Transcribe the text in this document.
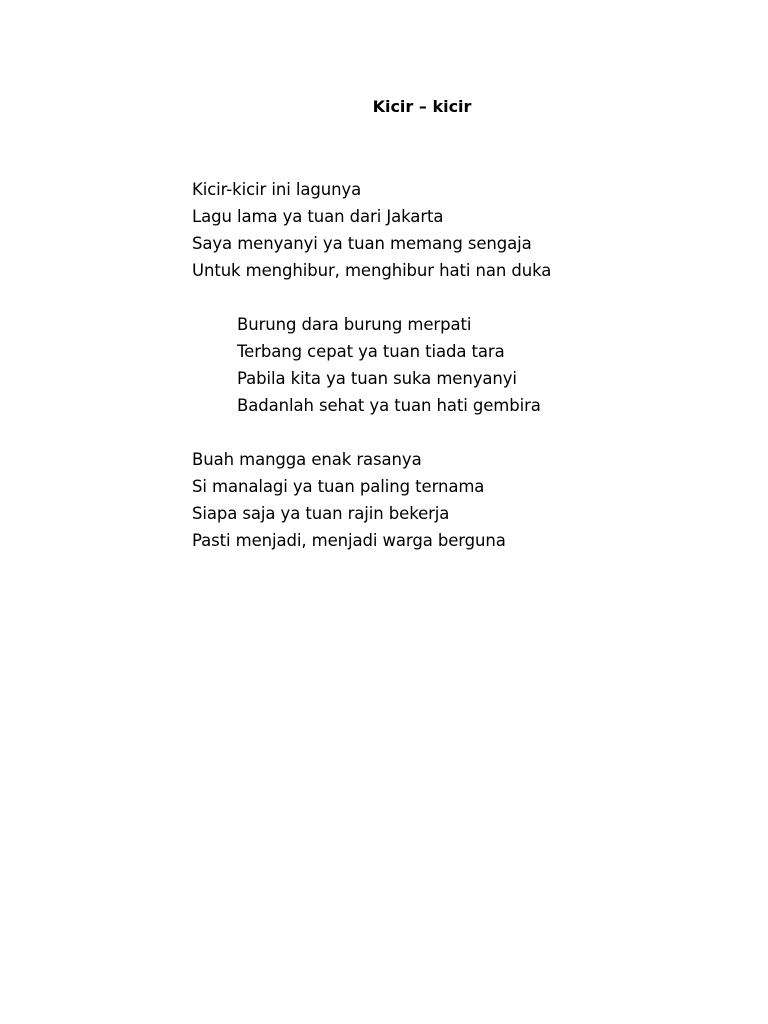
Kicir – kicir
Kicir-kicir ini lagunya
Lagu lama ya tuan dari Jakarta
Saya menyanyi ya tuan memang sengaja
Untuk menghibur, menghibur hati nan duka
Burung dara burung merpati
Terbang cepat ya tuan tiada tara
Pabila kita ya tuan suka menyanyi
Badanlah sehat ya tuan hati gembira
Buah mangga enak rasanya
Si manalagi ya tuan paling ternama
Siapa saja ya tuan rajin bekerja
Pasti menjadi, menjadi warga berguna
